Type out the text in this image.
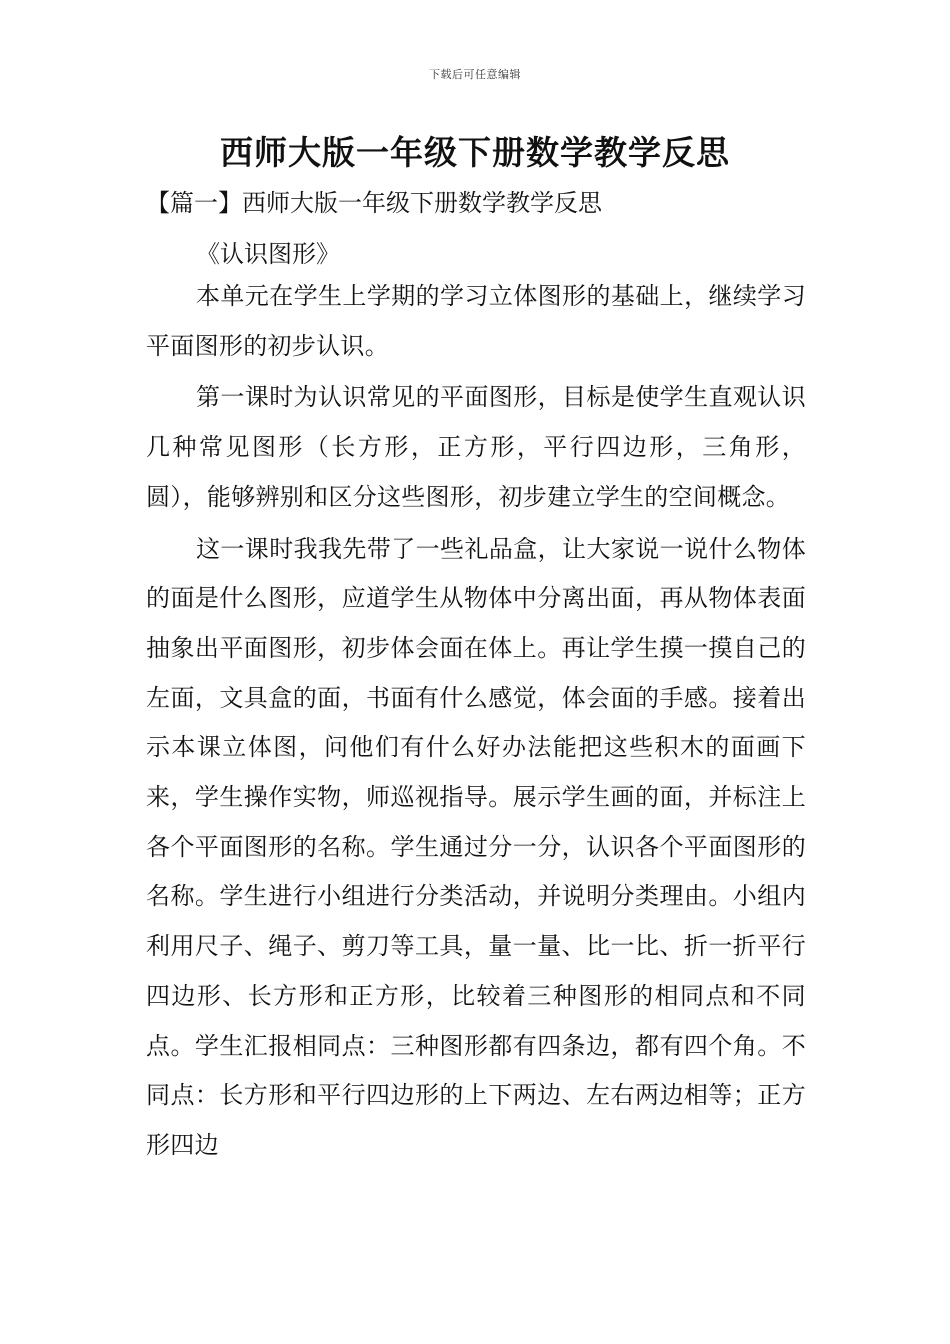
下载后可任意编辑
西师大版一年级下册数学教学反思
【篇一】西师大版一年级下册数学教学反思
《认识图形》

本单元在学生上学期的学习立体图形的基础上，继续学习平面图形的初步认识。

第一课时为认识常见的平面图形，目标是使学生直观认识几种常见图形（长方形，正方形，平行四边形，三角形，圆），能够辨别和区分这些图形，初步建立学生的空间概念。

这一课时我我先带了一些礼品盒，让大家说一说什么物体的面是什么图形，应道学生从物体中分离出面，再从物体表面抽象出平面图形，初步体会面在体上。再让学生摸一摸自己的左面，文具盒的面，书面有什么感觉，体会面的手感。接着出示本课立体图，问他们有什么好办法能把这些积木的面画下来，学生操作实物，师巡视指导。展示学生画的面，并标注上各个平面图形的名称。学生通过分一分，认识各个平面图形的名称。学生进行小组进行分类活动，并说明分类理由。小组内利用尺子、绳子、剪刀等工具，量一量、比一比、折一折平行四边形、长方形和正方形，比较着三种图形的相同点和不同点。学生汇报相同点：三种图形都有四条边，都有四个角。不同点：长方形和平行四边形的上下两边、左右两边相等；正方形四边
